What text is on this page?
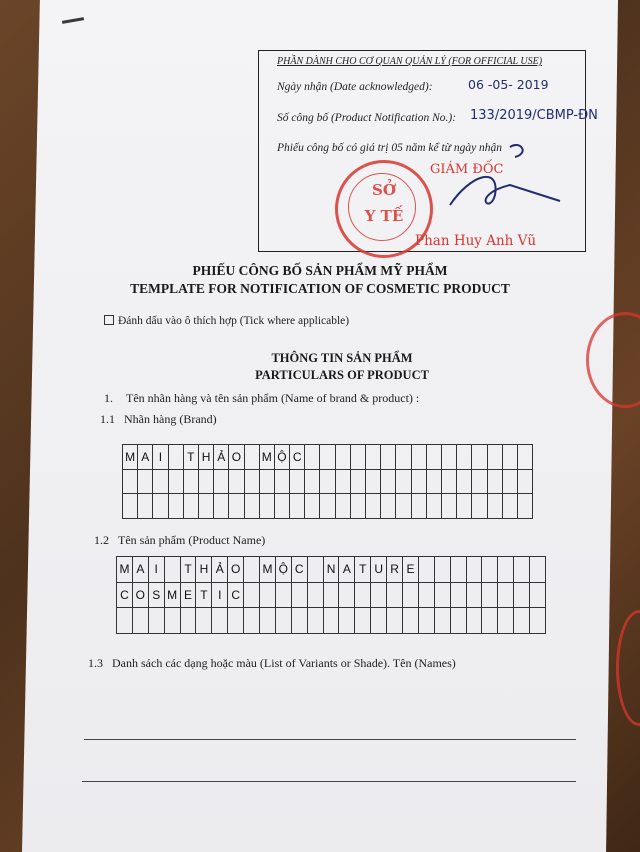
PHẦN DÀNH CHO CƠ QUAN QUẢN LÝ (FOR OFFICIAL USE)
Ngày nhận (Date acknowledged):
Số công bố (Product Notification No.):
Phiếu công bố có giá trị 05 năm kể từ ngày nhận
06 -05- 2019
133/2019/CBMP-ĐN
GIÁM ĐỐC
SỞ
Y TẾ
Phan Huy Anh Vũ
PHIẾU CÔNG BỐ SẢN PHẨM MỸ PHẨM
TEMPLATE FOR NOTIFICATION OF COSMETIC PRODUCT
Đánh dấu vào ô thích hợp (Tick where applicable)
THÔNG TIN SẢN PHẨM
PARTICULARS OF PRODUCT
1. Tên nhãn hàng và tên sản phẩm (Name of brand & product) :
1.1 Nhãn hàng (Brand)
M A I	T H Ả O M Ộ C
1.2 Tên sản phẩm (Product Name)
M A I	T H Ả O	M Ộ C	N A T U R E
C O S M E T I C
1.3 Danh sách các dạng hoặc màu (List of Variants or Shade). Tên (Names)
